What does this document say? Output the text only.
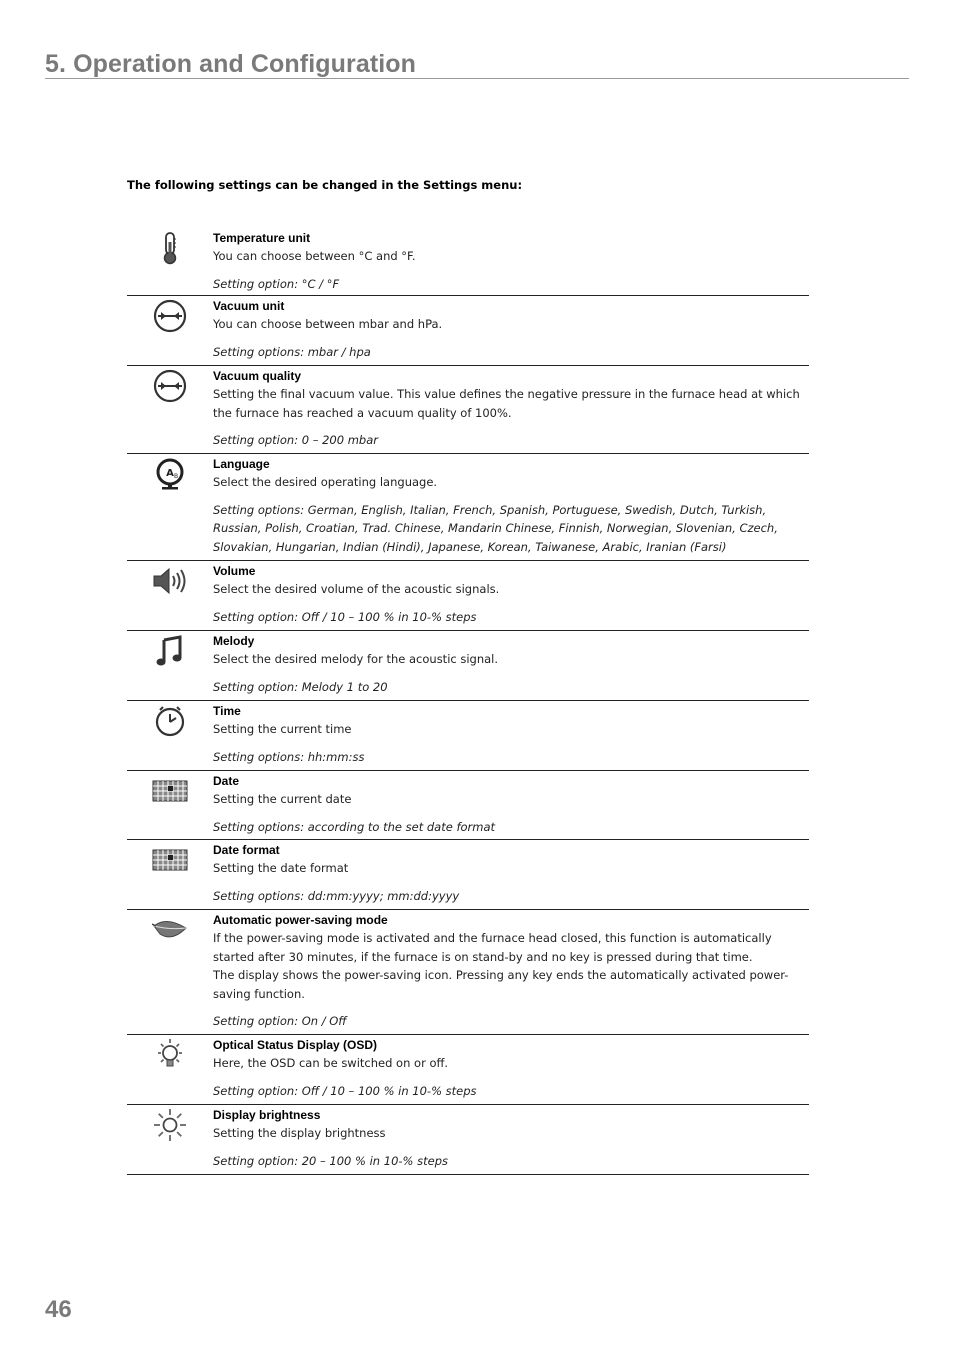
5. Operation and Configuration

The following settings can be changed in the Settings menu:

Temperature unit
You can choose between °C and °F.
Setting option: °C / °F
Vacuum unit
You can choose between mbar and hPa.
Setting options: mbar / hpa
Vacuum quality
Setting the final vacuum value. This value defines the negative pressure in the furnace head at which the furnace has reached a vacuum quality of 100%.
Setting option: 0 – 200 mbar
A B
Language
Select the desired operating language.
Setting options: German, English, Italian, French, Spanish, Portuguese, Swedish, Dutch, Turkish, Russian, Polish, Croatian, Trad. Chinese, Mandarin Chinese, Finnish, Norwegian, Slovenian, Czech, Slovakian, Hungarian, Indian (Hindi), Japanese, Korean, Taiwanese, Arabic, Iranian (Farsi)
Volume
Select the desired volume of the acoustic signals.
Setting option: Off / 10 – 100 % in 10-% steps
Melody
Select the desired melody for the acoustic signal.
Setting option: Melody 1 to 20
Time
Setting the current time
Setting options: hh:mm:ss
Date
Setting the current date
Setting options: according to the set date format
Date format
Setting the date format
Setting options: dd:mm:yyyy; mm:dd:yyyy
Automatic power-saving mode
If the power-saving mode is activated and the furnace head closed, this function is automatically started after 30 minutes, if the furnace is on stand-by and no key is pressed during that time.
The display shows the power-saving icon. Pressing any key ends the automatically activated power-saving function.
Setting option: On / Off
Optical Status Display (OSD)
Here, the OSD can be switched on or off.
Setting option: Off / 10 – 100 % in 10-% steps
Display brightness
Setting the display brightness
Setting option: 20 – 100 % in 10-% steps

46
